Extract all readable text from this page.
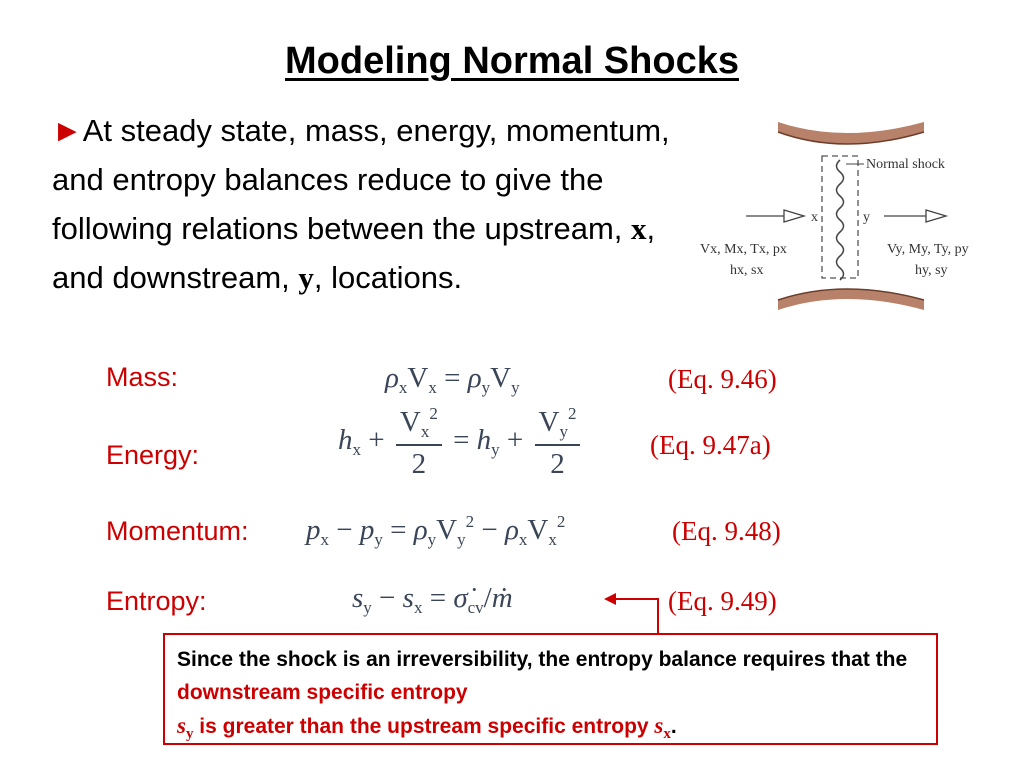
Modeling Normal Shocks
►At steady state, mass, energy, momentum, and entropy balances reduce to give the following relations between the upstream, x, and downstream, y, locations.
Normal shock
x	y
Vx, Mx, Tx, px
hx, sx
Vy, My, Ty, py
hy, sy
Mass:	$\rho_xV_x = \rho_yV_y$	(Eq. 9.46)
Energy:	$h_x + \frac{V_x^2}{2} = h_y + \frac{V_y^2}{2}$	(Eq. 9.47a)
Momentum: $p_x - p_y = \rho_yV_y^2 - \rho_xV_x^2$	(Eq. 9.48)
Entropy:	$s_y - s_x$ = $\sigmȧ_{cv}/ṁ$	(Eq. 9.49)
Since the shock is an irreversibility, the entropy balance requires that the downstream specific entropy
$s_y$ is greater than the upstream specific entropy $s_x$.
